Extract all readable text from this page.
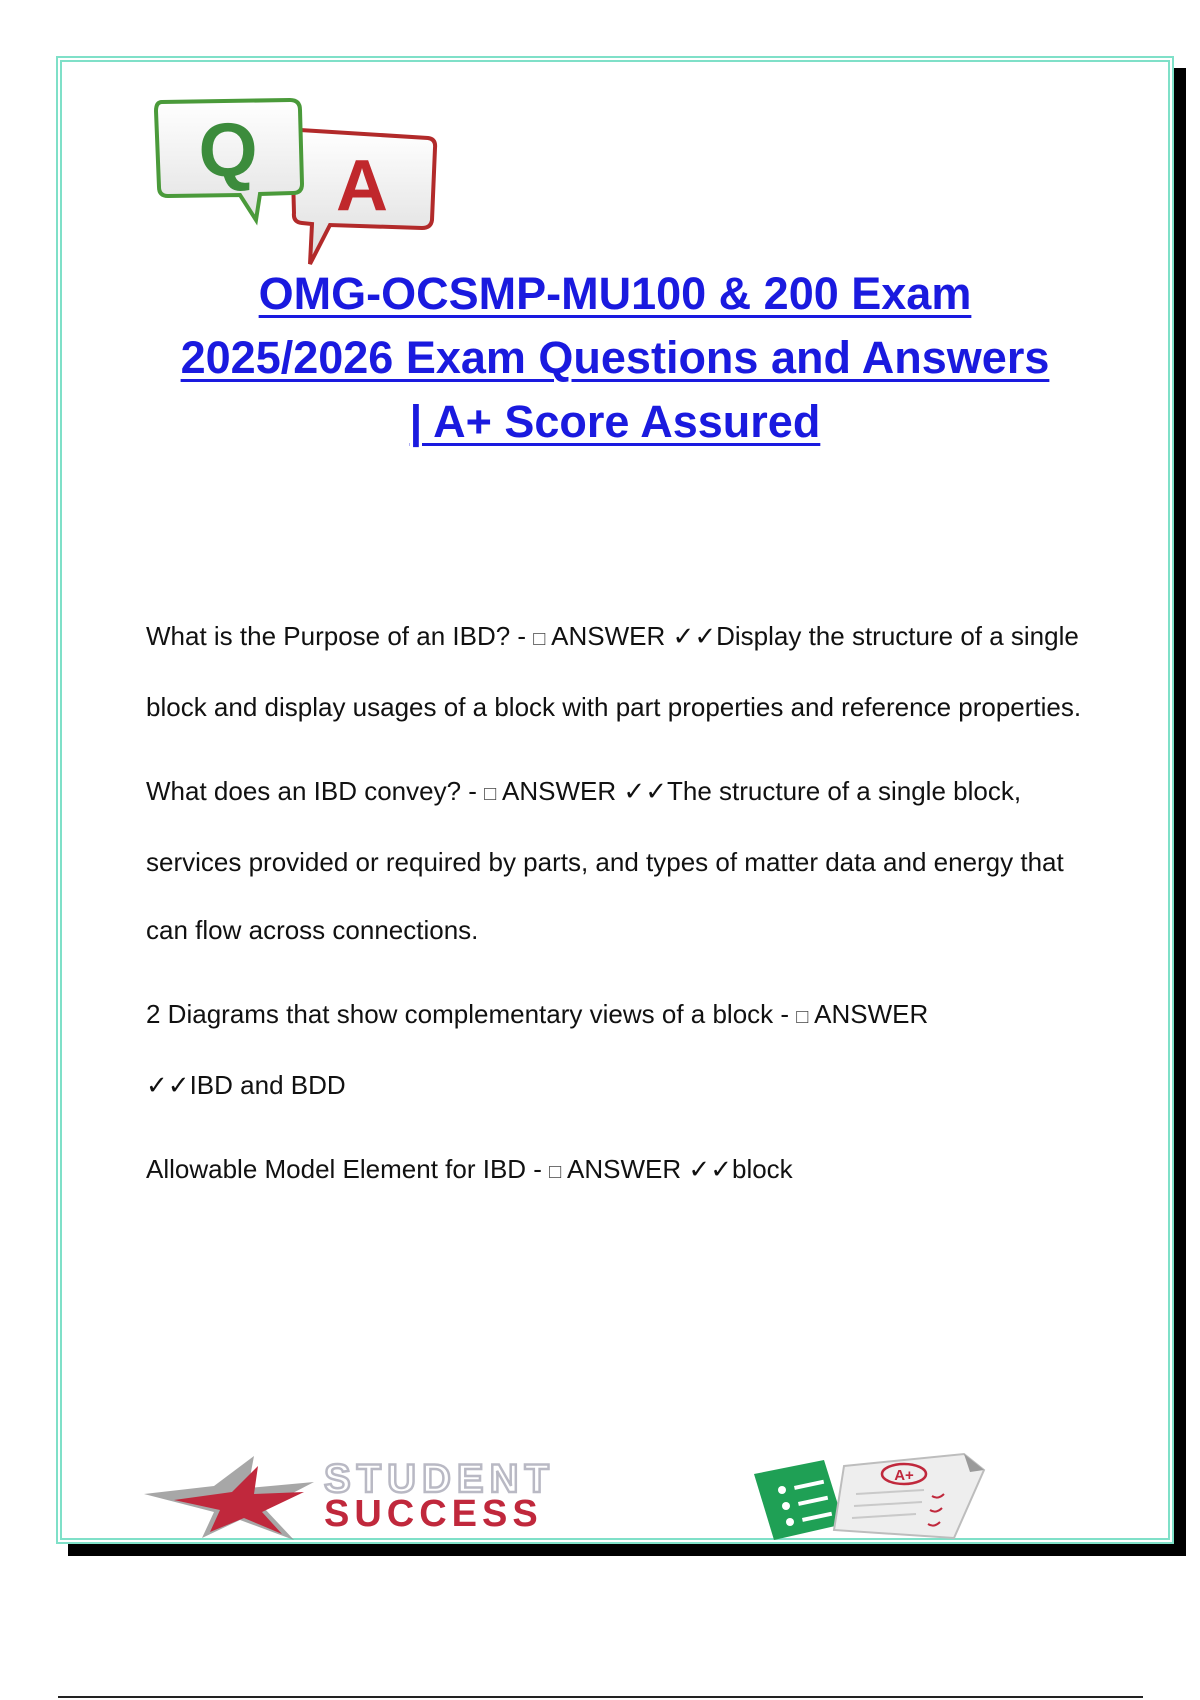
A
Q
OMG-OCSMP-MU100 & 200 Exam
2025/2026 Exam Questions and Answers
| A+ Score Assured

What is the Purpose of an IBD? - □ ANSWER ✓✓Display the structure of a single block and display usages of a block with part properties and reference properties.

What does an IBD convey? - □ ANSWER ✓✓The structure of a single block, services provided or required by parts, and types of matter data and energy that can flow across connections.

2 Diagrams that show complementary views of a block - □ ANSWER
✓✓IBD and BDD

Allowable Model Element for IBD - □ ANSWER ✓✓block

STUDENT
SUCCESS
A+
